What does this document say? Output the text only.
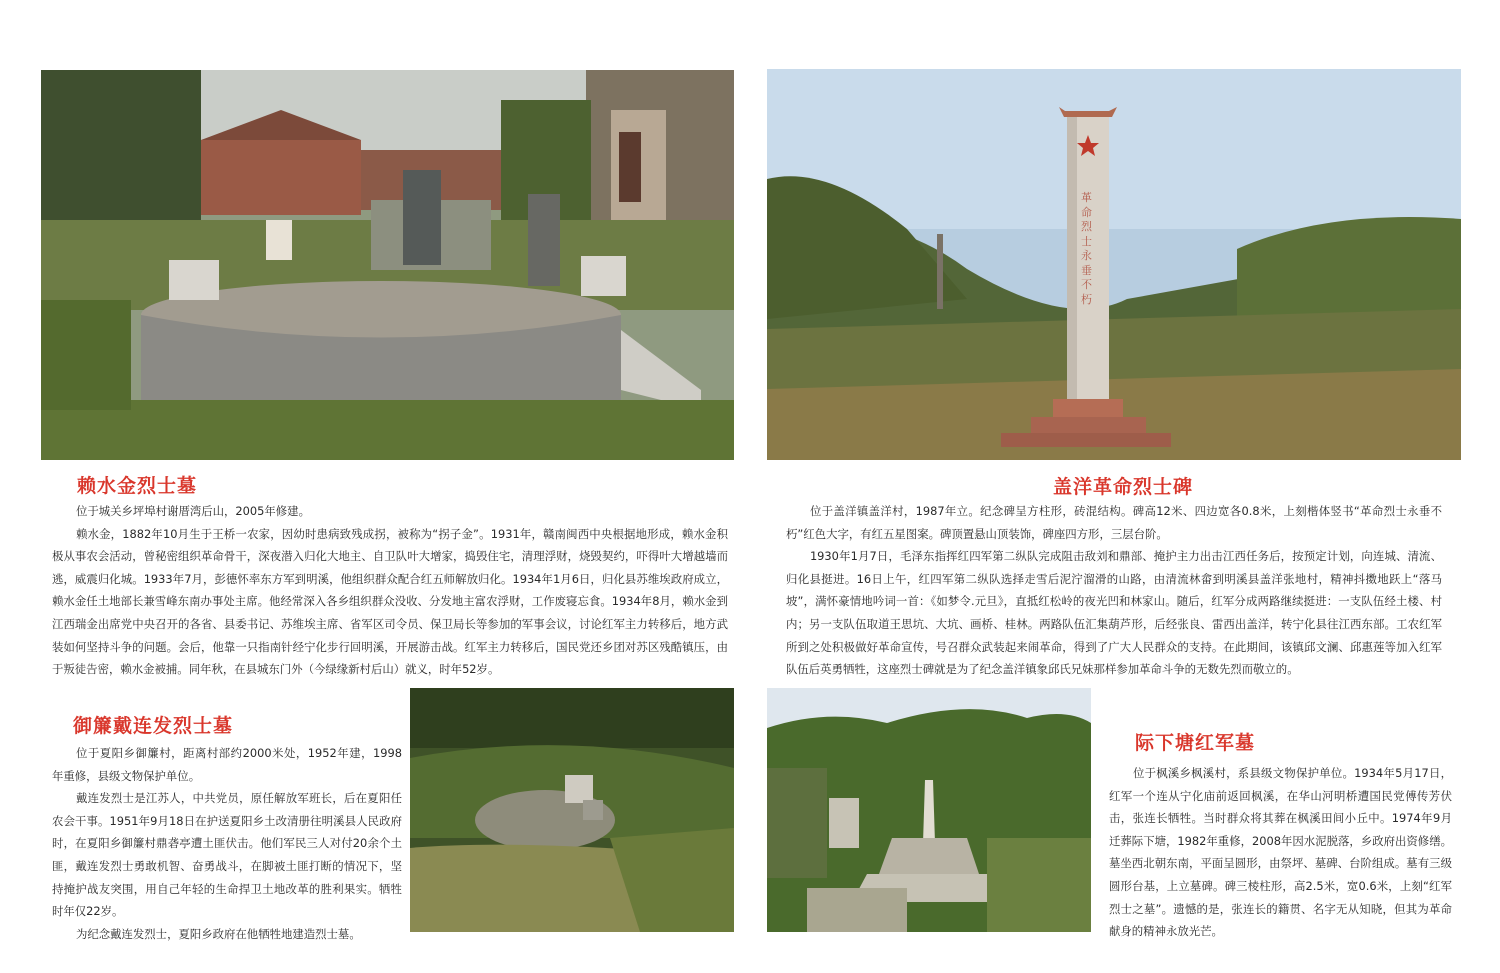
革命烈士永垂不朽
赖水金烈士墓	盖洋革命烈士碑
御簾戴连发烈士墓
际下塘红军墓

位于城关乡坪埠村谢厝湾后山，2005年修建。

赖水金，1882年10月生于王桥一农家，因幼时患病致残成拐，被称为“拐子金”。1931年，赣南闽西中央根据地形成，赖水金积极从事农会活动，曾秘密组织革命骨干，深夜潜入归化大地主、自卫队叶大增家，捣毁住宅，清理浮财，烧毁契约，吓得叶大增越墙而逃，威震归化城。1933年7月，彭德怀率东方军到明溪，他组织群众配合红五师解放归化。1934年1月6日，归化县苏维埃政府成立，赖水金任土地部长兼雪峰东南办事处主席。他经常深入各乡组织群众没收、分发地主富农浮财，工作废寝忘食。1934年8月，赖水金到江西瑞金出席党中央召开的各省、县委书记、苏维埃主席、省军区司令员、保卫局长等参加的军事会议，讨论红军主力转移后，地方武装如何坚持斗争的问题。会后，他靠一只指南针经宁化步行回明溪，开展游击战。红军主力转移后，国民党还乡团对苏区残酷镇压，由于叛徒告密，赖水金被捕。同年秋，在县城东门外（今绿缘新村后山）就义，时年52岁。

位于盖洋镇盖洋村，1987年立。纪念碑呈方柱形，砖混结构。碑高12米、四边宽各0.8米，上刻楷体竖书“革命烈士永垂不朽”红色大字，有红五星图案。碑顶置悬山顶装饰，碑座四方形，三层台阶。

1930年1月7日，毛泽东指挥红四军第二纵队完成阻击敌刘和鼎部、掩护主力出击江西任务后，按预定计划，向连城、清流、归化县挺进。16日上午，红四军第二纵队选择走雪后泥泞溜滑的山路，由清流林畲到明溪县盖洋张地村，精神抖擞地跃上“落马坡”，满怀豪情地吟词一首：《如梦令.元旦》，直抵红松岭的夜光凹和林家山。随后，红军分成两路继续挺进：一支队伍经土楼、村内；另一支队伍取道王思坑、大坑、画桥、桂林。两路队伍汇集葫芦形，后经张良、雷西出盖洋，转宁化县往江西东部。工农红军所到之处积极做好革命宣传，号召群众武装起来闹革命，得到了广大人民群众的支持。在此期间，该镇邱文澜、邱惠莲等加入红军队伍后英勇牺牲，这座烈士碑就是为了纪念盖洋镇象邱氏兄妹那样参加革命斗争的无数先烈而敬立的。

位于夏阳乡御簾村，距离村部约2000米处，1952年建，1998年重修，县级文物保护单位。

戴连发烈士是江苏人，中共党员，原任解放军班长，后在夏阳任农会干事。1951年9月18日在护送夏阳乡土改清册往明溪县人民政府时，在夏阳乡御簾村鼎砻亭遭土匪伏击。他们军民三人对付20余个土匪，戴连发烈士勇敢机智、奋勇战斗，在脚被土匪打断的情况下，坚持掩护战友突围，用自己年轻的生命捍卫土地改革的胜利果实。牺牲时年仅22岁。

为纪念戴连发烈士，夏阳乡政府在他牺牲地建造烈士墓。

位于枫溪乡枫溪村，系县级文物保护单位。1934年5月17日，红军一个连从宁化庙前返回枫溪，在华山河明桥遭国民党傅传芳伏击，张连长牺牲。当时群众将其葬在枫溪田间小丘中。1974年9月迁葬际下塘，1982年重修，2008年因水泥脱落，乡政府出资修缮。墓坐西北朝东南，平面呈圆形，由祭坪、墓碑、台阶组成。墓有三级圆形台基，上立墓碑。碑三棱柱形，高2.5米，宽0.6米，上刻“红军烈士之墓”。遗憾的是，张连长的籍贯、名字无从知晓，但其为革命献身的精神永放光芒。
